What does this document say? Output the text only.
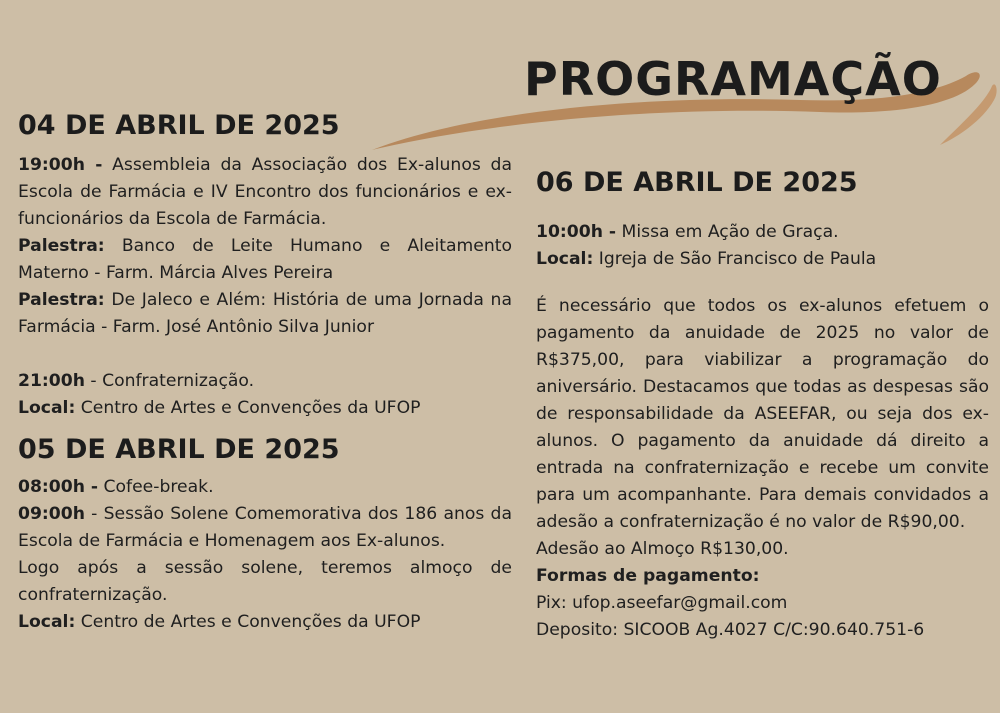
PROGRAMAÇÃO
04 DE ABRIL DE 2025

19:00h - Assembleia da Associação dos Ex-alunos da Escola de Farmácia e IV Encontro dos funcionários e ex-funcionários da Escola de Farmácia.

Palestra: Banco de Leite Humano e Aleitamento Materno - Farm. Márcia Alves Pereira

Palestra: De Jaleco e Além: História de uma Jornada na Farmácia - Farm. José Antônio Silva Junior

21:00h - Confraternização.

Local: Centro de Artes e Convenções da UFOP

05 DE ABRIL DE 2025

08:00h - Cofee-break.

09:00h - Sessão Solene Comemorativa dos 186 anos da Escola de Farmácia e Homenagem aos Ex-alunos.

Logo após a sessão solene, teremos almoço de confraternização.

Local: Centro de Artes e Convenções da UFOP

06 DE ABRIL DE 2025

10:00h - Missa em Ação de Graça.

Local: Igreja de São Francisco de Paula

É necessário que todos os ex-alunos efetuem o pagamento da anuidade de 2025 no valor de R$375,00, para viabilizar a programação do aniversário. Destacamos que todas as despesas são de responsabilidade da ASEEFAR, ou seja dos ex-alunos. O pagamento da anuidade dá direito a entrada na confraternização e recebe um convite para um acompanhante. Para demais convidados a adesão a confraternização é no valor de R$90,00.

Adesão ao Almoço R$130,00.

Formas de pagamento:

Pix: ufop.aseefar@gmail.com

Deposito: SICOOB Ag.4027 C/C:90.640.751-6
